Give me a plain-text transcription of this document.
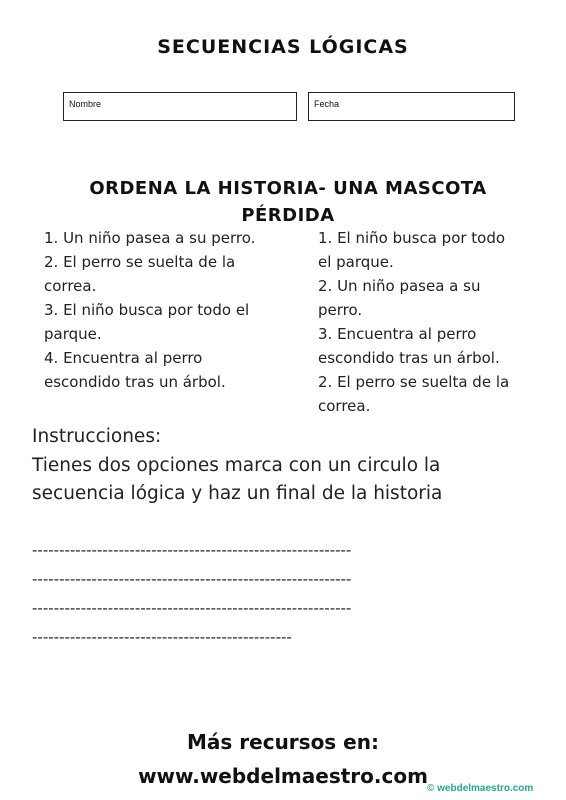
SECUENCIAS LÓGICAS
Nombre	Fecha
ORDENA LA HISTORIA- UNA MASCOTA
PÉRDIDA
1. Un niño pasea a su perro.
2. El perro se suelta de la
correa.
3. El niño busca por todo el
parque.
4. Encuentra al perro
escondido tras un árbol.
1. El niño busca por todo
el parque.
2. Un niño pasea a su
perro.
3. Encuentra al perro
escondido tras un árbol.
2. El perro se suelta de la
correa.
Instrucciones:
Tienes dos opciones marca con un circulo la
secuencia lógica y haz un final de la historia
-----------------------------------------------------------
-----------------------------------------------------------
-----------------------------------------------------------
------------------------------------------------
Más recursos en:
www.webdelmaestro.com
© webdelmaestro.com
